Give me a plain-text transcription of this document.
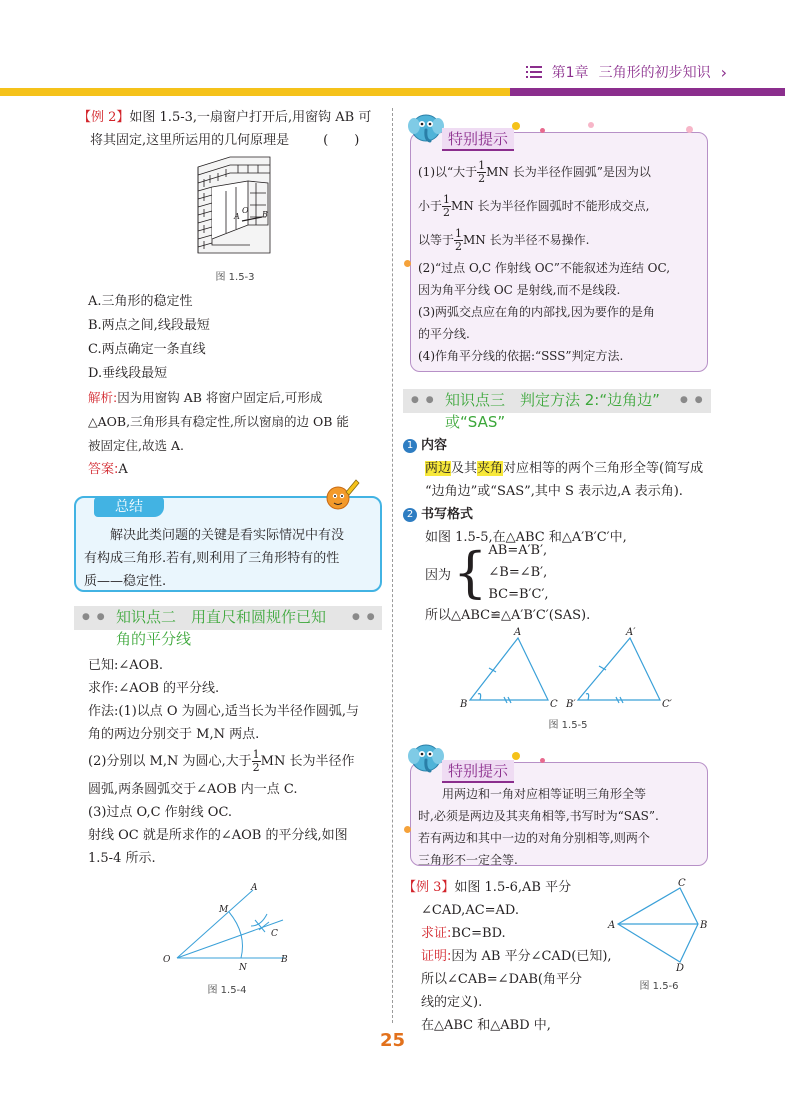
第1章 三角形的初步知识 ›

【例 2】如图 1.5-3,一扇窗户打开后,用窗钩 AB 可

将其固定,这里所运用的几何原理是	(　　)

A
O B
图 1.5-3

A.三角形的稳定性

B.两点之间,线段最短

C.两点确定一条直线

D.垂线段最短

解析:因为用窗钩 AB 将窗户固定后,可形成

△AOB,三角形具有稳定性,所以窗扇的边 OB 能

被固定住,故选 A.

答案:A

总结

解决此类问题的关键是看实际情况中有没

有构成三角形.若有,则利用了三角形特有的性

质——稳定性.

● ●	● ●
知识点二　用直尺和圆规作已知
角的平分线

已知:∠AOB.

求作:∠AOB 的平分线.

作法:(1)以点 O 为圆心,适当长为半径作圆弧,与

角的两边分别交于 M,N 两点.

(2)分别以 M,N 为圆心,大于 $\frac{1}{2}$ MN 长为半径作

圆弧,两条圆弧交于∠AOB 内一点 C.

(3)过点 O,C 作射线 OC.

射线 OC 就是所求作的∠AOB 的平分线,如图

1.5-4 所示.

A
M
C
O
N
B
图 1.5-4
特别提示

(1)以“大于 $\frac{1}{2}$ MN 长为半径作圆弧”是因为以

小于 $\frac{1}{2}$ MN 长为半径作圆弧时不能形成交点,

以等于 $\frac{1}{2}$ MN 长为半径不易操作.

(2)“过点 O,C 作射线 OC”不能叙述为连结 OC,

因为角平分线 OC 是射线,而不是线段.

(3)两弧交点应在角的内部找,因为要作的是角

的平分线.

(4)作角平分线的依据:“SSS”判定方法.

● ●	● ●
知识点三　判定方法 2:“边角边”
或“SAS”

1 内容

两边及其夹角对应相等的两个三角形全等(简写成

“边角边”或“SAS”,其中 S 表示边,A 表示角).

2 书写格式

如图 1.5-5,在△ABC 和△A′B′C′中,

因为 { AB=A′B′,

∠B=∠B′,

BC=B′C′,

所以△ABC≌△A′B′C′(SAS).

A
B	C
A′
B′	C′
图 1.5-5
特别提示

用两边和一角对应相等证明三角形全等

时,必须是两边及其夹角相等,书写时为“SAS”.

若有两边和其中一边的对角分别相等,则两个

三角形不一定全等.

【例 3】如图 1.5-6,AB 平分

∠CAD,AC=AD.

求证:BC=BD.

证明:因为 AB 平分∠CAD(已知),

所以∠CAB=∠DAB(角平分

线的定义).

在△ABC 和△ABD 中,

C
A	B
D
图 1.5-6
25
